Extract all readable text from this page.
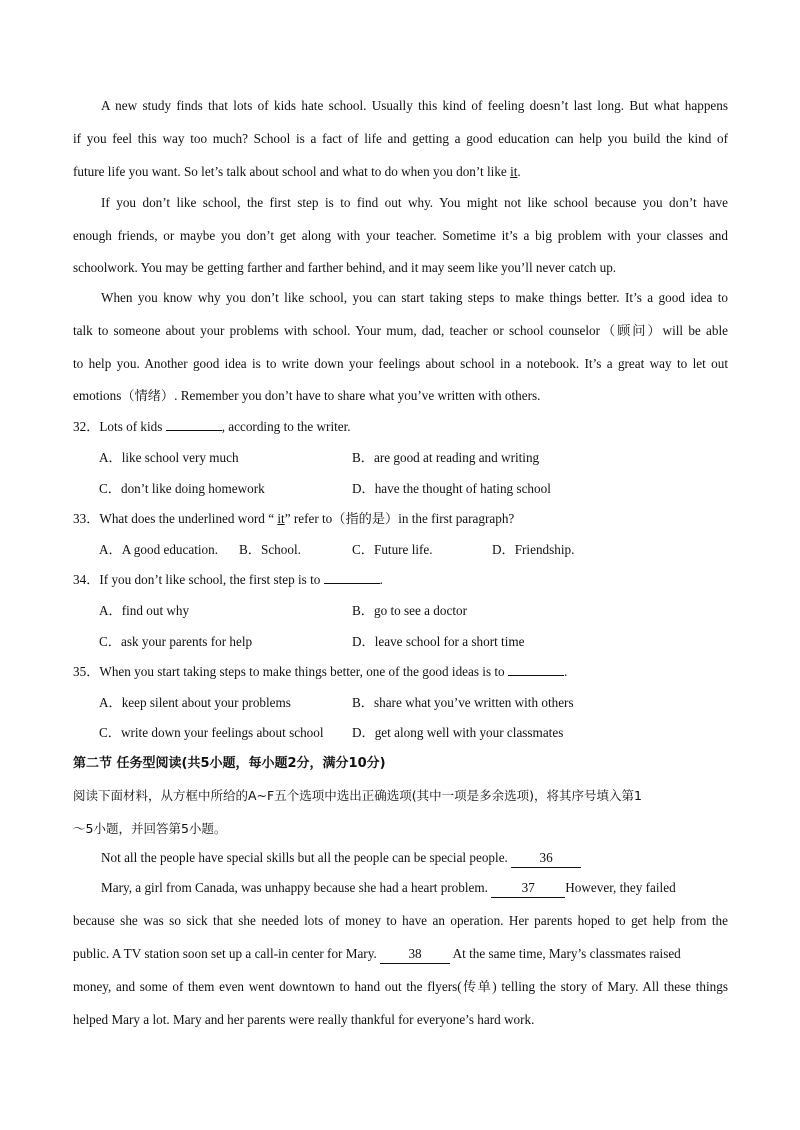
A new study finds that lots of kids hate school. Usually this kind of feeling doesn’t last long. But what happens
if you feel this way too much? School is a fact of life and getting a good education can help you build the kind of
future life you want. So let’s talk about school and what to do when you don’t like it.
If you don’t like school, the first step is to find out why. You might not like school because you don’t have
enough friends, or maybe you don’t get along with your teacher. Sometime it’s a big problem with your classes and
schoolwork. You may be getting farther and farther behind, and it may seem like you’ll never catch up.
When you know why you don’t like school, you can start taking steps to make things better. It’s a good idea to
talk to someone about your problems with school. Your mum, dad, teacher or school counselor（顾问）will be able
to help you. Another good idea is to write down your feelings about school in a notebook. It’s a great way to let out
emotions（情绪）. Remember you don’t have to share what you’ve written with others.
32．Lots of kids	, according to the writer.
A．like school very much	B．are good at reading and writing
C．don’t like doing homework	D．have the thought of hating school
33．What does the underlined word “ it” refer to（指的是）in the first paragraph?
A．A good education. B．School.	C．Future life.	D．Friendship.
34．If you don’t like school, the first step is to	.
A．find out why	B．go to see a doctor
C．ask your parents for help	D．leave school for a short time
35．When you start taking steps to make things better, one of the good ideas is to	.
A．keep silent about your problems	B．share what you’ve written with others
C．write down your feelings about school D．get along well with your classmates
第二节 任务型阅读(共5小题，每小题2分，满分10分)
阅读下面材料，从方框中所给的A~F五个选项中选出正确选项(其中一项是多余选项)，将其序号填入第1
～5小题，并回答第5小题。
Not all the people have special skills but all the people can be special people. 36
Mary, a girl from Canada, was unhappy because she had a heart problem. 37 However, they failed
because she was so sick that she needed lots of money to have an operation. Her parents hoped to get help from the
public. A TV station soon set up a call-in center for Mary. 38 At the same time, Mary’s classmates raised
money, and some of them even went downtown to hand out the flyers(传单) telling the story of Mary. All these things
helped Mary a lot. Mary and her parents were really thankful for everyone’s hard work.
